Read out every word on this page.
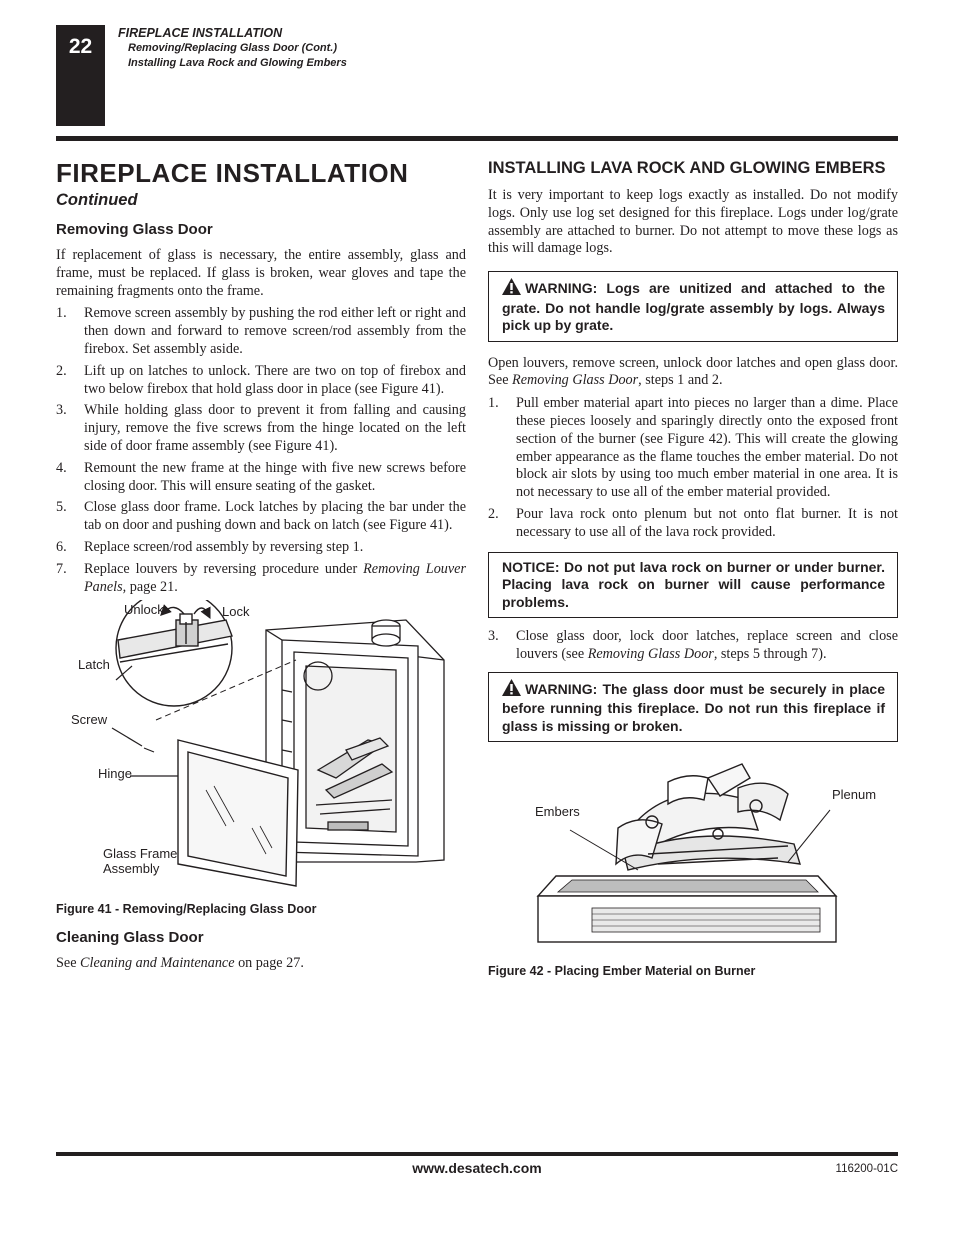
22
FIREPLACE INSTALLATION
Removing/Replacing Glass Door (Cont.)
Installing Lava Rock and Glowing Embers
FIREPLACE INSTALLATION
Continued
Removing Glass Door

If replacement of glass is necessary, the entire assembly, glass and frame, must be replaced. If glass is broken, wear gloves and tape the remaining fragments onto the frame.

1. Remove screen assembly by pushing the rod either left or right and then down and forward to remove screen/rod assembly from the firebox. Set assembly aside.
2. Lift up on latches to unlock. There are two on top of firebox and two below firebox that hold glass door in place (see Figure 41).
3. While holding glass door to prevent it from falling and causing injury, remove the five screws from the hinge located on the left side of door frame assembly (see Figure 41).
4. Remount the new frame at the hinge with five new screws before closing door. This will ensure seating of the gasket.
5. Close glass door frame. Lock latches by placing the bar under the tab on door and pushing down and back on latch (see Figure 41).
6. Replace screen/rod assembly by reversing step 1.
7. Replace louvers by reversing procedure under Removing Louver Panels, page 21.
Unlock	Lock
Latch
Screw
Hinge
Glass Frame
Assembly
Figure 41 - Removing/Replacing Glass Door
Cleaning Glass Door

See Cleaning and Maintenance on page 27.

INSTALLING LAVA ROCK AND GLOWING EMBERS

It is very important to keep logs exactly as installed. Do not modify logs. Only use log set designed for this fireplace. Logs under log/grate assembly are attached to burner. Do not attempt to move these logs as this will damage logs.

WARNING: Logs are unitized and attached to the grate. Do not handle log/grate assembly by logs. Always pick up by grate.

Open louvers, remove screen, unlock door latches and open glass door. See Removing Glass Door, steps 1 and 2.

1. Pull ember material apart into pieces no larger than a dime. Place these pieces loosely and sparingly directly onto the exposed front section of the burner (see Figure 42). This will create the glowing ember appearance as the flame touches the ember material. Do not block air slots by using too much ember material in one area. It is not necessary to use all of the ember material provided.
2. Pour lava rock onto plenum but not onto flat burner. It is not necessary to use all of the lava rock provided.
NOTICE: Do not put lava rock on burner or under burner. Placing lava rock on burner will cause performance problems.
3. Close glass door, lock door latches, replace screen and close louvers (see Removing Glass Door, steps 5 through 7).
WARNING: The glass door must be securely in place before running this fireplace. Do not run this fireplace if glass is missing or broken.
Embers
Plenum
Figure 42 - Placing Ember Material on Burner
www.desatech.com	116200-01C
